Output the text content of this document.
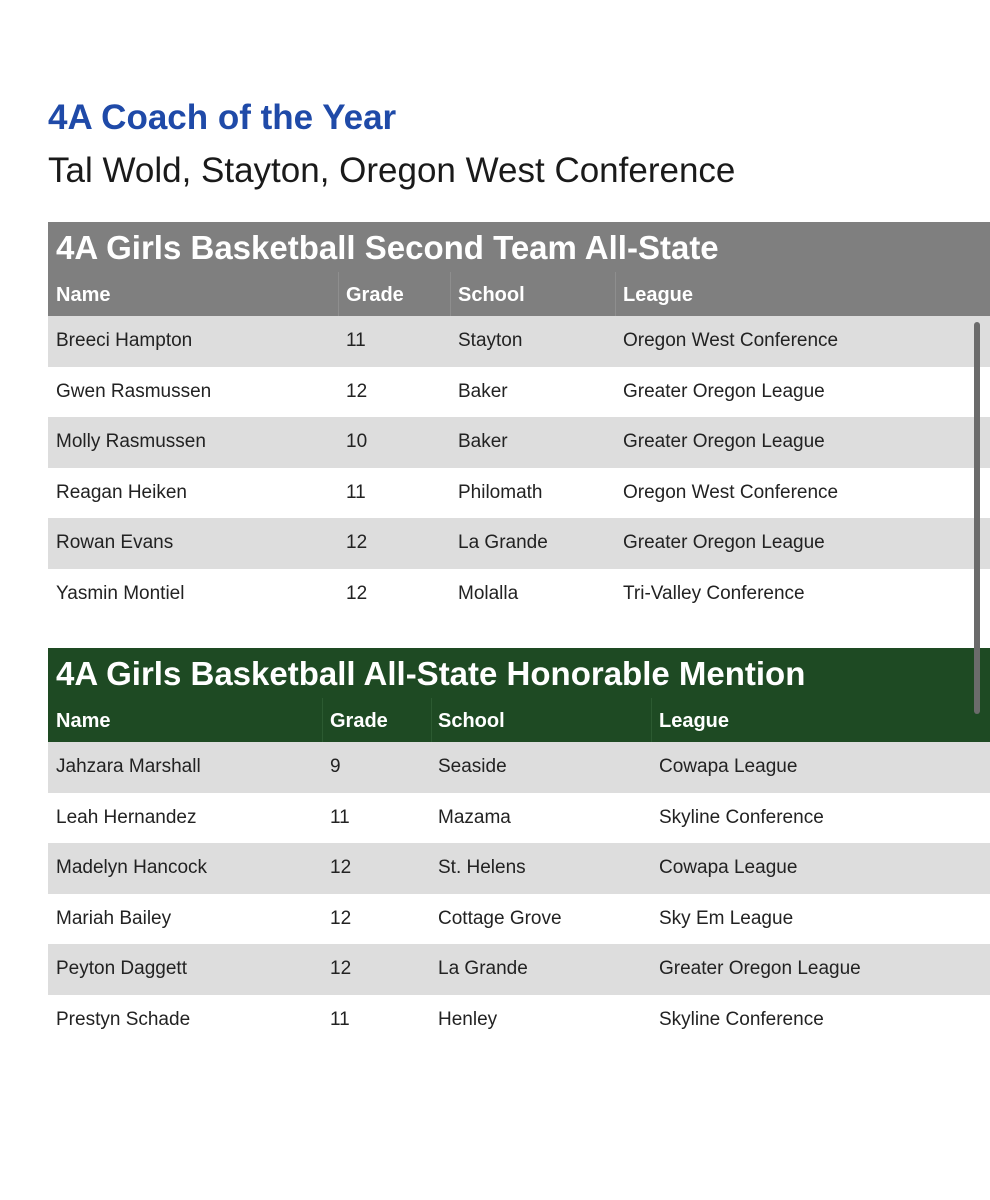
4A Coach of the Year
Tal Wold, Stayton, Oregon West Conference
4A Girls Basketball Second Team All-State
Name	Grade	School	League
Breeci Hampton	11	Stayton	Oregon West Conference
Gwen Rasmussen	12	Baker	Greater Oregon League
Molly Rasmussen	10	Baker	Greater Oregon League
Reagan Heiken	11	Philomath	Oregon West Conference
Rowan Evans	12	La Grande	Greater Oregon League
Yasmin Montiel	12	Molalla	Tri-Valley Conference
4A Girls Basketball All-State Honorable Mention
Name	Grade	School	League
Jahzara Marshall	9	Seaside	Cowapa League
Leah Hernandez	11	Mazama	Skyline Conference
Madelyn Hancock	12	St. Helens	Cowapa League
Mariah Bailey	12	Cottage Grove	Sky Em League
Peyton Daggett	12	La Grande	Greater Oregon League
Prestyn Schade	11	Henley	Skyline Conference
